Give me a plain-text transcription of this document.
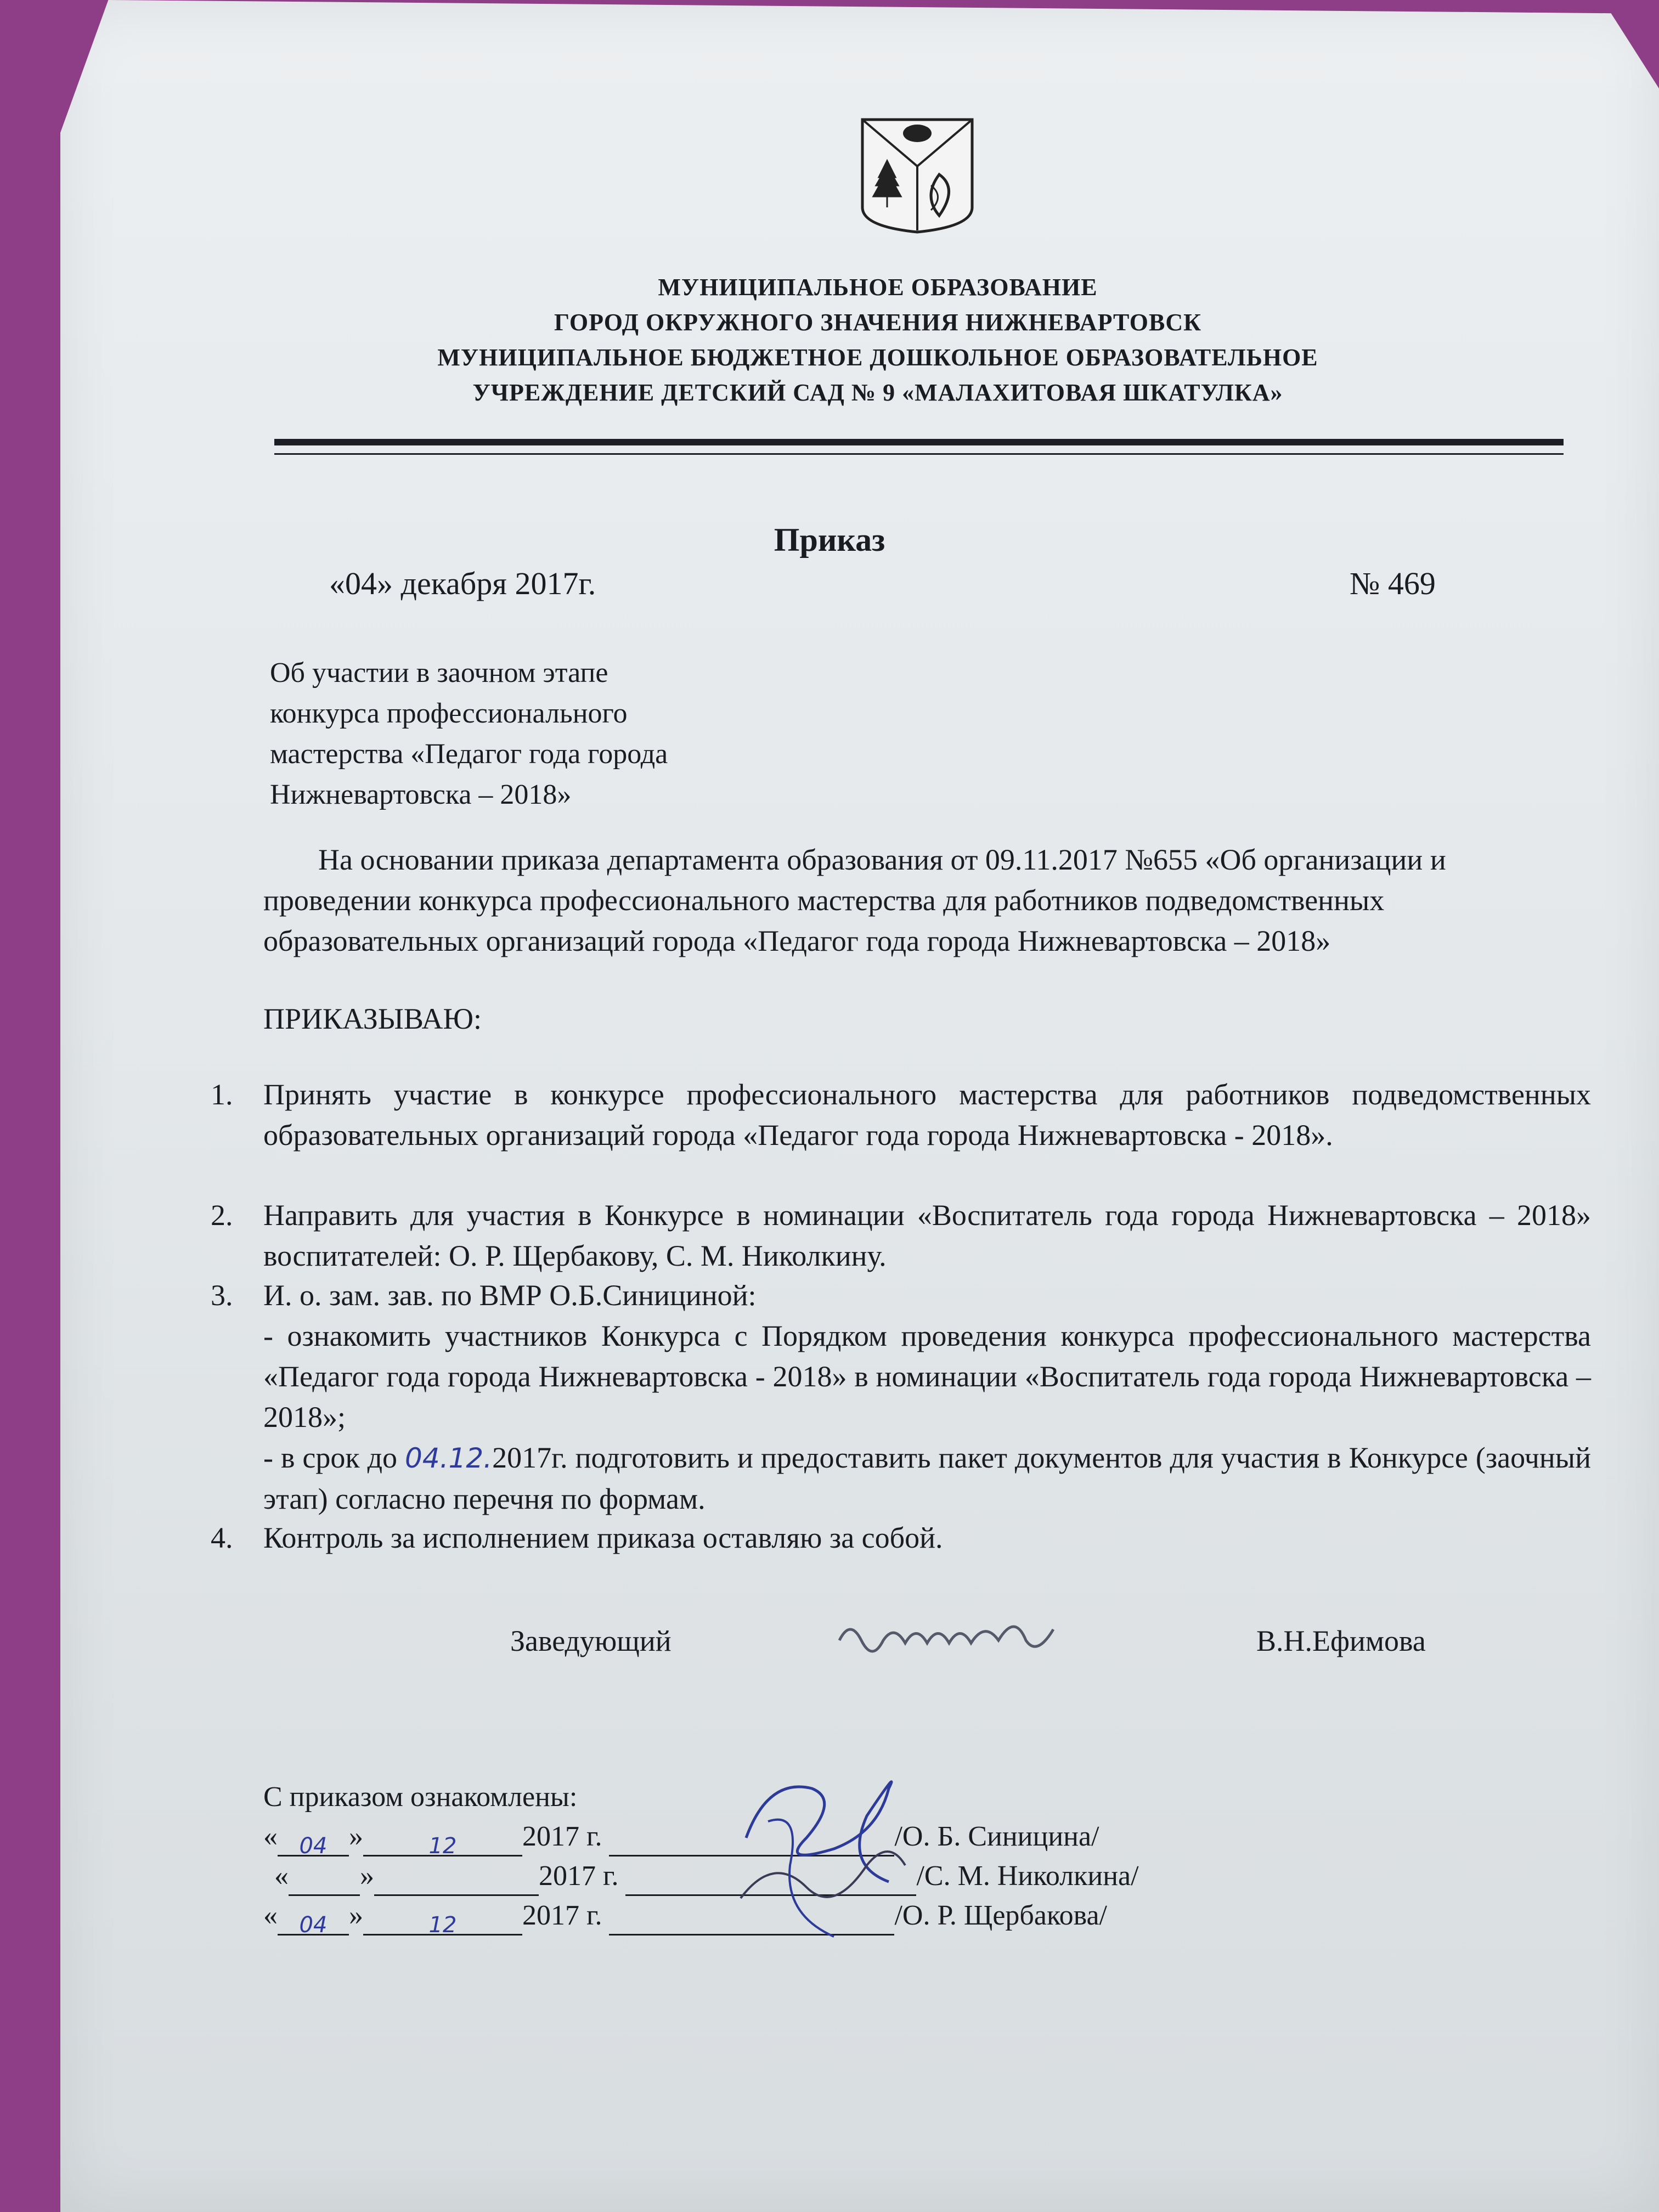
МУНИЦИПАЛЬНОЕ ОБРАЗОВАНИЕ
ГОРОД ОКРУЖНОГО ЗНАЧЕНИЯ НИЖНЕВАРТОВСК
МУНИЦИПАЛЬНОЕ БЮДЖЕТНОЕ ДОШКОЛЬНОЕ ОБРАЗОВАТЕЛЬНОЕ
УЧРЕЖДЕНИЕ ДЕТСКИЙ САД № 9 «МАЛАХИТОВАЯ ШКАТУЛКА»
Приказ
«04» декабря 2017г.	№ 469
Об участии в заочном этапе
конкурса профессионального
мастерства «Педагог года города
Нижневартовска – 2018»
На основании приказа департамента образования от 09.11.2017 №655 «Об организации и проведении конкурса профессионального мастерства для работников подведомственных образовательных организаций города «Педагог года города Нижневартовска – 2018»
ПРИКАЗЫВАЮ:
1. Принять участие в конкурсе профессионального мастерства для работников подведомственных образовательных организаций города «Педагог года города Нижневартовска - 2018».
2. Направить для участия в Конкурсе в номинации «Воспитатель года города Нижневартовска – 2018» воспитателей: О. Р. Щербакову, С. М. Николкину.
3. И. о. зам. зав. по ВМР О.Б.Синициной:
- ознакомить участников Конкурса с Порядком проведения конкурса профессионального мастерства «Педагог года города Нижневартовска - 2018» в номинации «Воспитатель года города Нижневартовска – 2018»;
- в срок до 04.12.2017г. подготовить и предоставить пакет документов для участия в Конкурсе (заочный этап) согласно перечня по формам.
4. Контроль за исполнением приказа оставляю за собой.
Заведующий	В.Н.Ефимова
С приказом ознакомлены:
« 04 »	12	2017 г.	/О. Б. Синицина/
«	»	2017 г.	/С. М. Николкина/
« 04 »	12	2017 г.	/О. Р. Щербакова/
